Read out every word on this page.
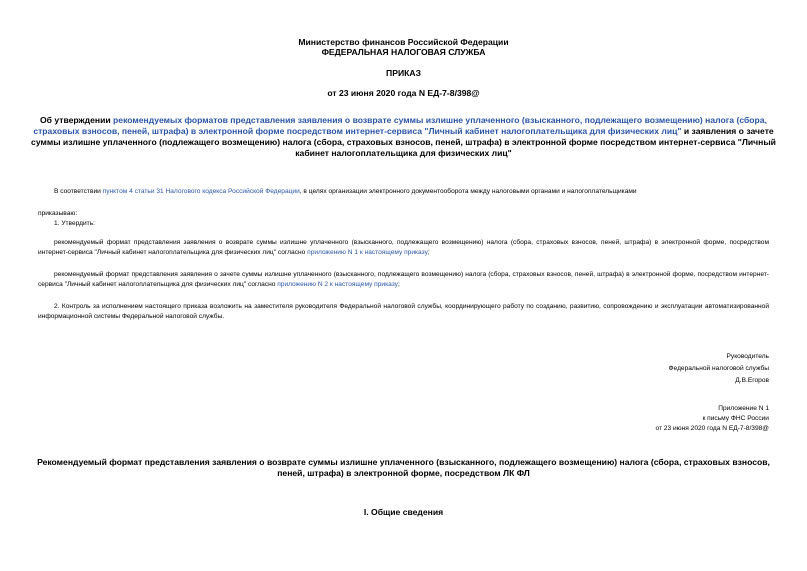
Министерство финансов Российской Федерации
ФЕДЕРАЛЬНАЯ НАЛОГОВАЯ СЛУЖБА
ПРИКАЗ
от 23 июня 2020 года N ЕД-7-8/398@
Об утверждении рекомендуемых форматов представления заявления о возврате суммы излишне уплаченного (взысканного, подлежащего возмещению) налога (сбора, страховых взносов, пеней, штрафа) в электронной форме посредством интернет-сервиса "Личный кабинет налогоплательщика для физических лиц" и заявления о зачете суммы излишне уплаченного (подлежащего возмещению) налога (сбора, страховых взносов, пеней, штрафа) в электронной форме посредством интернет-сервиса "Личный кабинет налогоплательщика для физических лиц"
В соответствии пунктом 4 статьи 31 Налогового кодекса Российской Федерации, в целях организации электронного документооборота между налоговыми органами и налогоплательщиками
приказываю:
1. Утвердить:
рекомендуемый формат представления заявления о возврате суммы излишне уплаченного (взысканного, подлежащего возмещению) налога (сбора, страховых взносов, пеней, штрафа) в электронной форме, посредством интернет-сервиса "Личный кабинет налогоплательщика для физических лиц" согласно приложению N 1 к настоящему приказу;
рекомендуемый формат представления заявления о зачете суммы излишне уплаченного (взысканного, подлежащего возмещению) налога (сбора, страховых взносов, пеней, штрафа) в электронной форме, посредством интернет-сервиса "Личный кабинет налогоплательщика для физических лиц" согласно приложению N 2 к настоящему приказу;
2. Контроль за исполнением настоящего приказа возложить на заместителя руководителя Федеральной налоговой службы, координирующего работу по созданию, развитию, сопровождению и эксплуатации автоматизированной информационной системы Федеральной налоговой службы.
Руководитель
Федеральной налоговой службы
Д.В.Егоров
Приложение N 1
к письму ФНС России
от 23 июня 2020 года N ЕД-7-8/398@
Рекомендуемый формат представления заявления о возврате суммы излишне уплаченного (взысканного, подлежащего возмещению) налога (сбора, страховых взносов, пеней, штрафа) в электронной форме, посредством ЛК ФЛ
I. Общие сведения
